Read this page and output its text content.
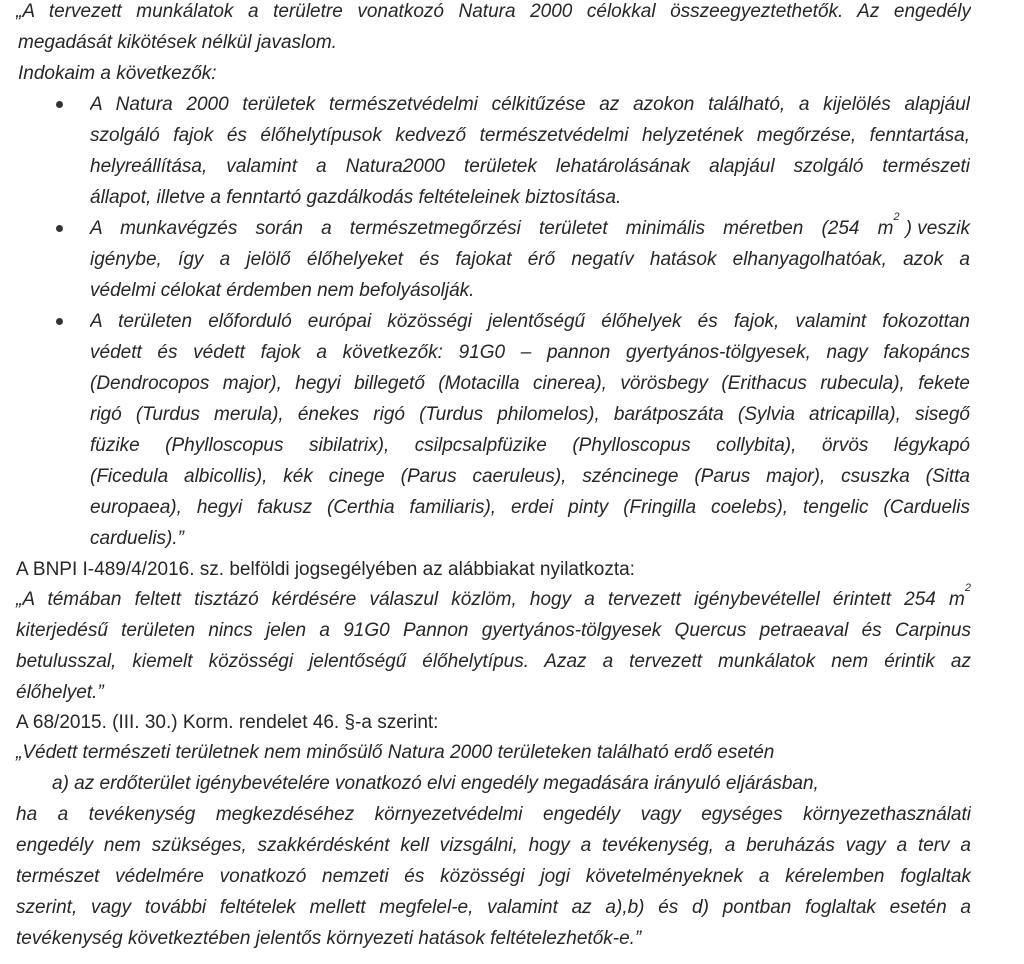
„A tervezett munkálatok a területre vonatkozó Natura 2000 célokkal összeegyeztethetők. Az engedély
megadását kikötések nélkül javaslom.
Indokaim a következők:
A Natura 2000 területek természetvédelmi célkitűzése az azokon található, a kijelölés alapjául
szolgáló fajok és élőhelytípusok kedvező természetvédelmi helyzetének megőrzése, fenntartása,
helyreállítása, valamint a Natura2000 területek lehatárolásának alapjául szolgáló természeti
állapot, illetve a fenntartó gazdálkodás feltételeinek biztosítása.
A munkavégzés során a természetmegőrzési területet minimális méretben (254 m
2
) veszik
igénybe, így a jelölő élőhelyeket és fajokat érő negatív hatások elhanyagolhatóak, azok a
védelmi célokat érdemben nem befolyásolják.
A területen előforduló európai közösségi jelentőségű élőhelyek és fajok, valamint fokozottan
védett és védett fajok a következők: 91G0 – pannon gyertyános-tölgyesek, nagy fakopáncs
(Dendrocopos major), hegyi billegető (Motacilla cinerea), vörösbegy (Erithacus rubecula), fekete
rigó (Turdus merula), énekes rigó (Turdus philomelos), barátposzáta (Sylvia atricapilla), sisegő
füzike (Phylloscopus sibilatrix), csilpcsalpfüzike (Phylloscopus collybita), örvös légykapó
(Ficedula albicollis), kék cinege (Parus caeruleus), széncinege (Parus major), csuszka (Sitta
europaea), hegyi fakusz (Certhia familiaris), erdei pinty (Fringilla coelebs), tengelic (Carduelis
carduelis).”
A BNPI I-489/4/2016. sz. belföldi jogsegélyében az alábbiakat nyilatkozta:
„A témában feltett tisztázó kérdésére válaszul közlöm, hogy a tervezett igénybevétellel érintett 254 m
2
kiterjedésű területen nincs jelen a 91G0 Pannon gyertyános-tölgyesek Quercus petraeaval és Carpinus
betulusszal, kiemelt közösségi jelentőségű élőhelytípus. Azaz a tervezett munkálatok nem érintik az
élőhelyet.”
A 68/2015. (III. 30.) Korm. rendelet 46. §-a szerint:
„Védett természeti területnek nem minősülő Natura 2000 területeken található erdő esetén
a) az erdőterület igénybevételére vonatkozó elvi engedély megadására irányuló eljárásban,
ha a tevékenység megkezdéséhez környezetvédelmi engedély vagy egységes környezethasználati
engedély nem szükséges, szakkérdésként kell vizsgálni, hogy a tevékenység, a beruházás vagy a terv a
természet védelmére vonatkozó nemzeti és közösségi jogi követelményeknek a kérelemben foglaltak
szerint, vagy további feltételek mellett megfelel-e, valamint az a),b) és d) pontban foglaltak esetén a
tevékenység következtében jelentős környezeti hatások feltételezhetők-e.”
